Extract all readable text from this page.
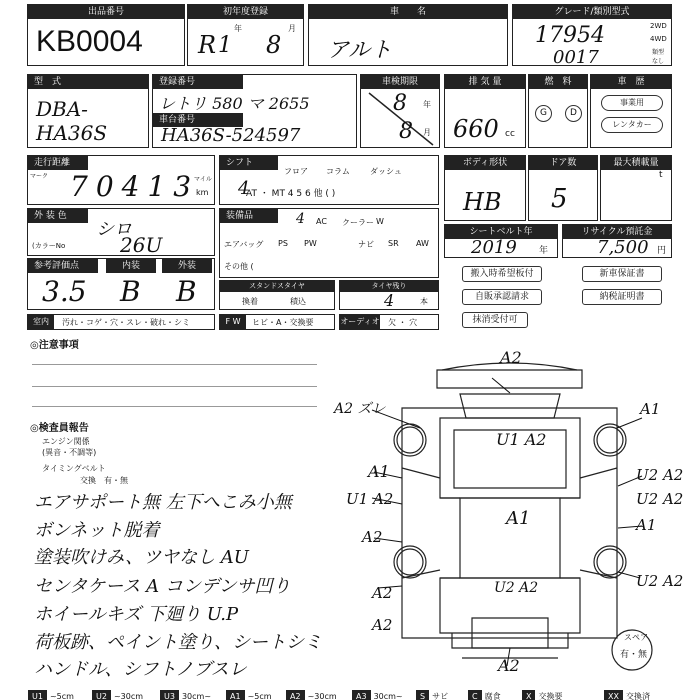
出品番号
KB0004
初年度登録
年	月
R 1 8
車　　名
アルト
グレード/類別型式
17954
0017
2WD
4WD
類型
なし
型　式
DBA- HA36S
登録番号
レトリ 580 マ 2655
車台番号
HA36S-524597
車検期限
8 年
8 月
排 気 量
660 cc
燃　料
G	D
車　歴
事業用
レンタカー
走行距離
マーク 70413
マイル
km
シフト
フロア コラム	ダッシュ
AT ・ MT 4 5 6 他 ( )
4
ボディ形状
HB
ドア数
5
最大積載量
t
外 装 色
シロ
(カラーNo	26U
装備品
AC クーラー W
エアバッグ PS PW	ナビ SR AW
その他 (
4
シートベルト年
2019 年
リサイクル預託金
7,500 円
搬入時希望板付	新車保証書
自販承認請求	納税証明書
抹消受付可
参考評価点	内装	外装
3.5 B B	スタンドスタイヤ
換着	積込
タイヤ残り
4	本
室内	汚れ・コゲ・穴・スレ・破れ・シミ	F W	ヒビ・A・交換要	オーディオ 欠 ・ 穴
◎注意事項
◎検査員報告
エンジン関係
(異音・不調等)
タイミングベルト
交換　有・無
エアサポート無 左下へこみ小無
ボンネット脱着
塗装吹けみ、ツヤなし AU
センタケース A コンデンサ凹り
ホイールキズ 下廻り U.P
荷板跡、ペイント塗り、シートシミ
ハンドル、シフトノブスレ
A2
A2 ズレ	A1
U1 A2
A1	U2 A2
A1
U2 A2
U1 A2
A1
A2
A2
U2 A2
U2 A2
A2
A2
スペア
有・無
U1 ~5cm	U2 ~30cm	U3 30cm~	A1 ~5cm	A2 ~30cm	A3 30cm~	S サビ	C 腐食	X 交換要	XX 交換済
